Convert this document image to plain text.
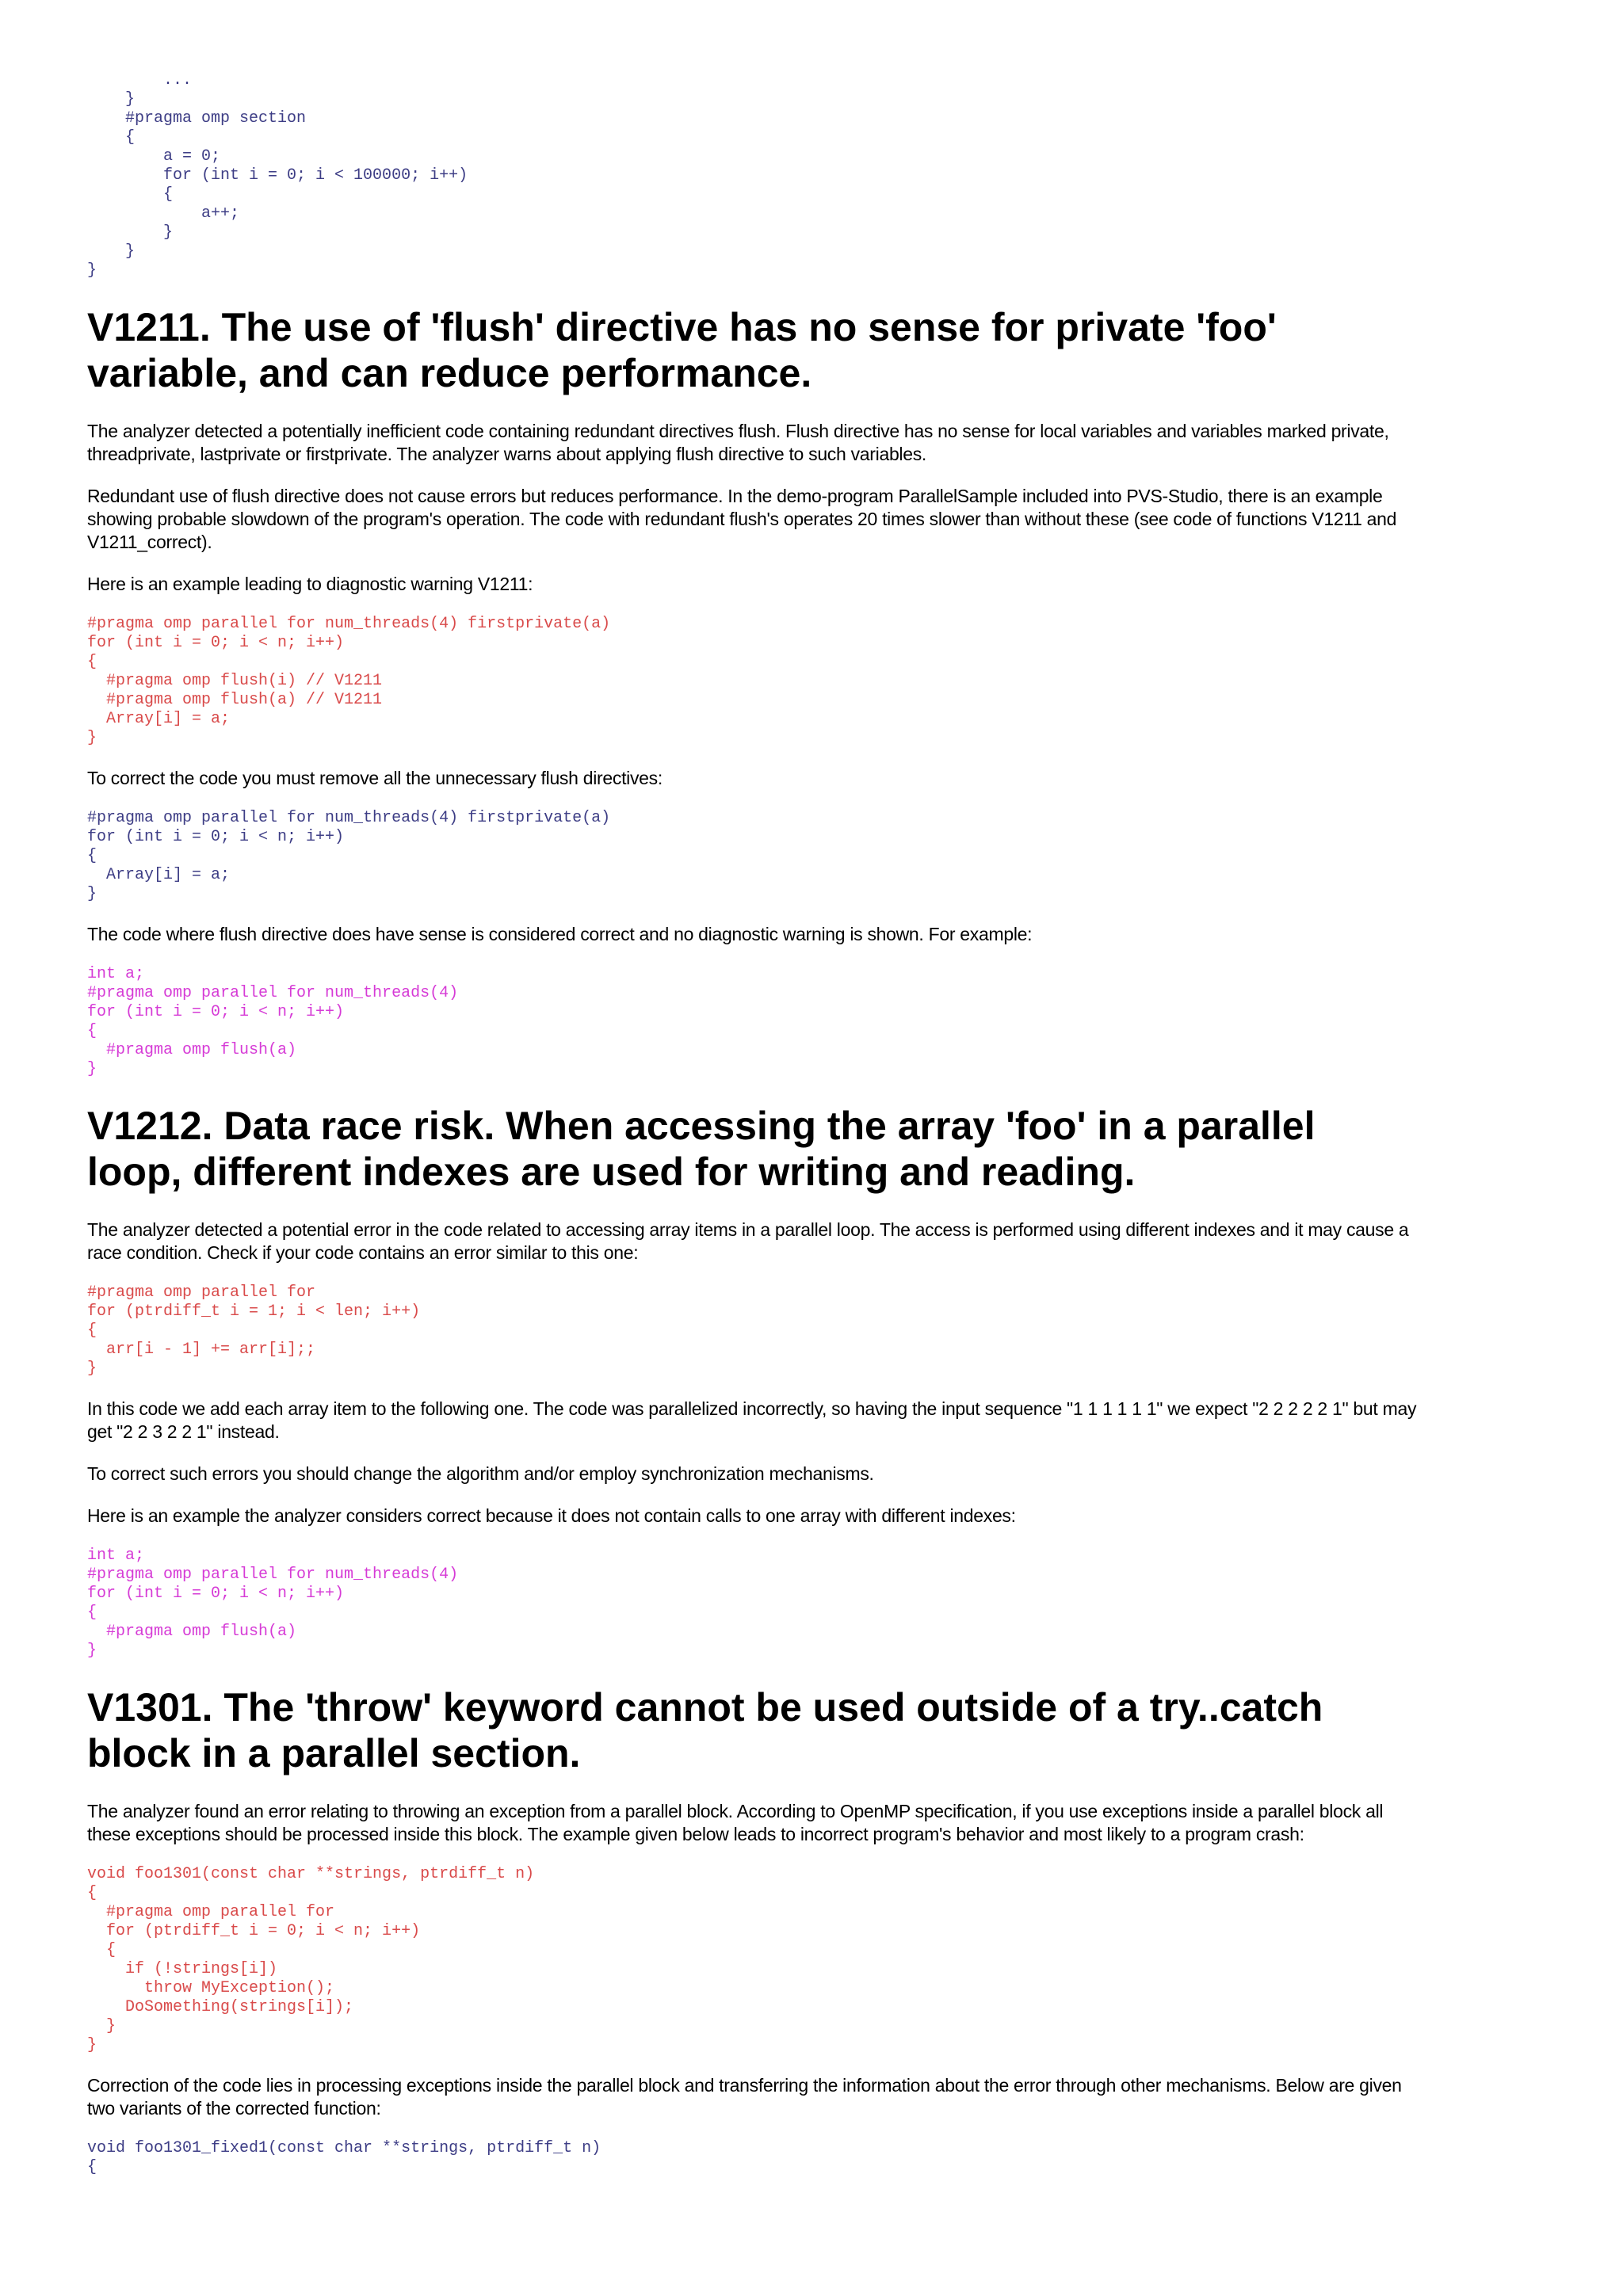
...
}
#pragma omp section
{
a = 0;
for (int i = 0; i < 100000; i++)
{
a++;
}
}
}
V1211. The use of 'flush' directive has no sense for private 'foo' variable, and can reduce performance.

The analyzer detected a potentially inefficient code containing redundant directives flush. Flush directive has no sense for local variables and variables marked private, threadprivate, lastprivate or firstprivate. The analyzer warns about applying flush directive to such variables.

Redundant use of flush directive does not cause errors but reduces performance. In the demo-program ParallelSample included into PVS-Studio, there is an example showing probable slowdown of the program's operation. The code with redundant flush's operates 20 times slower than without these (see code of functions V1211 and V1211_correct).

Here is an example leading to diagnostic warning V1211:

#pragma omp parallel for num_threads(4) firstprivate(a)
for (int i = 0; i < n; i++)
{
#pragma omp flush(i) // V1211
#pragma omp flush(a) // V1211
Array[i] = a;
}

To correct the code you must remove all the unnecessary flush directives:

#pragma omp parallel for num_threads(4) firstprivate(a)
for (int i = 0; i < n; i++)
{
Array[i] = a;
}

The code where flush directive does have sense is considered correct and no diagnostic warning is shown. For example:

int a;
#pragma omp parallel for num_threads(4)
for (int i = 0; i < n; i++)
{
#pragma omp flush(a)
}
V1212. Data race risk. When accessing the array 'foo' in a parallel loop, different indexes are used for writing and reading.

The analyzer detected a potential error in the code related to accessing array items in a parallel loop. The access is performed using different indexes and it may cause a race condition. Check if your code contains an error similar to this one:

#pragma omp parallel for
for (ptrdiff_t i = 1; i < len; i++)
{
arr[i - 1] += arr[i];;
}

In this code we add each array item to the following one. The code was parallelized incorrectly, so having the input sequence "1 1 1 1 1 1" we expect "2 2 2 2 2 1" but may get "2 2 3 2 2 1" instead.

To correct such errors you should change the algorithm and/or employ synchronization mechanisms.

Here is an example the analyzer considers correct because it does not contain calls to one array with different indexes:

int a;
#pragma omp parallel for num_threads(4)
for (int i = 0; i < n; i++)
{
#pragma omp flush(a)
}
V1301. The 'throw' keyword cannot be used outside of a try..catch block in a parallel section.

The analyzer found an error relating to throwing an exception from a parallel block. According to OpenMP specification, if you use exceptions inside a parallel block all these exceptions should be processed inside this block. The example given below leads to incorrect program's behavior and most likely to a program crash:

void foo1301(const char **strings, ptrdiff_t n)
{
#pragma omp parallel for
for (ptrdiff_t i = 0; i < n; i++)
{
if (!strings[i])
throw MyException();
DoSomething(strings[i]);
}
}

Correction of the code lies in processing exceptions inside the parallel block and transferring the information about the error through other mechanisms. Below are given two variants of the corrected function:

void foo1301_fixed1(const char **strings, ptrdiff_t n)
{
